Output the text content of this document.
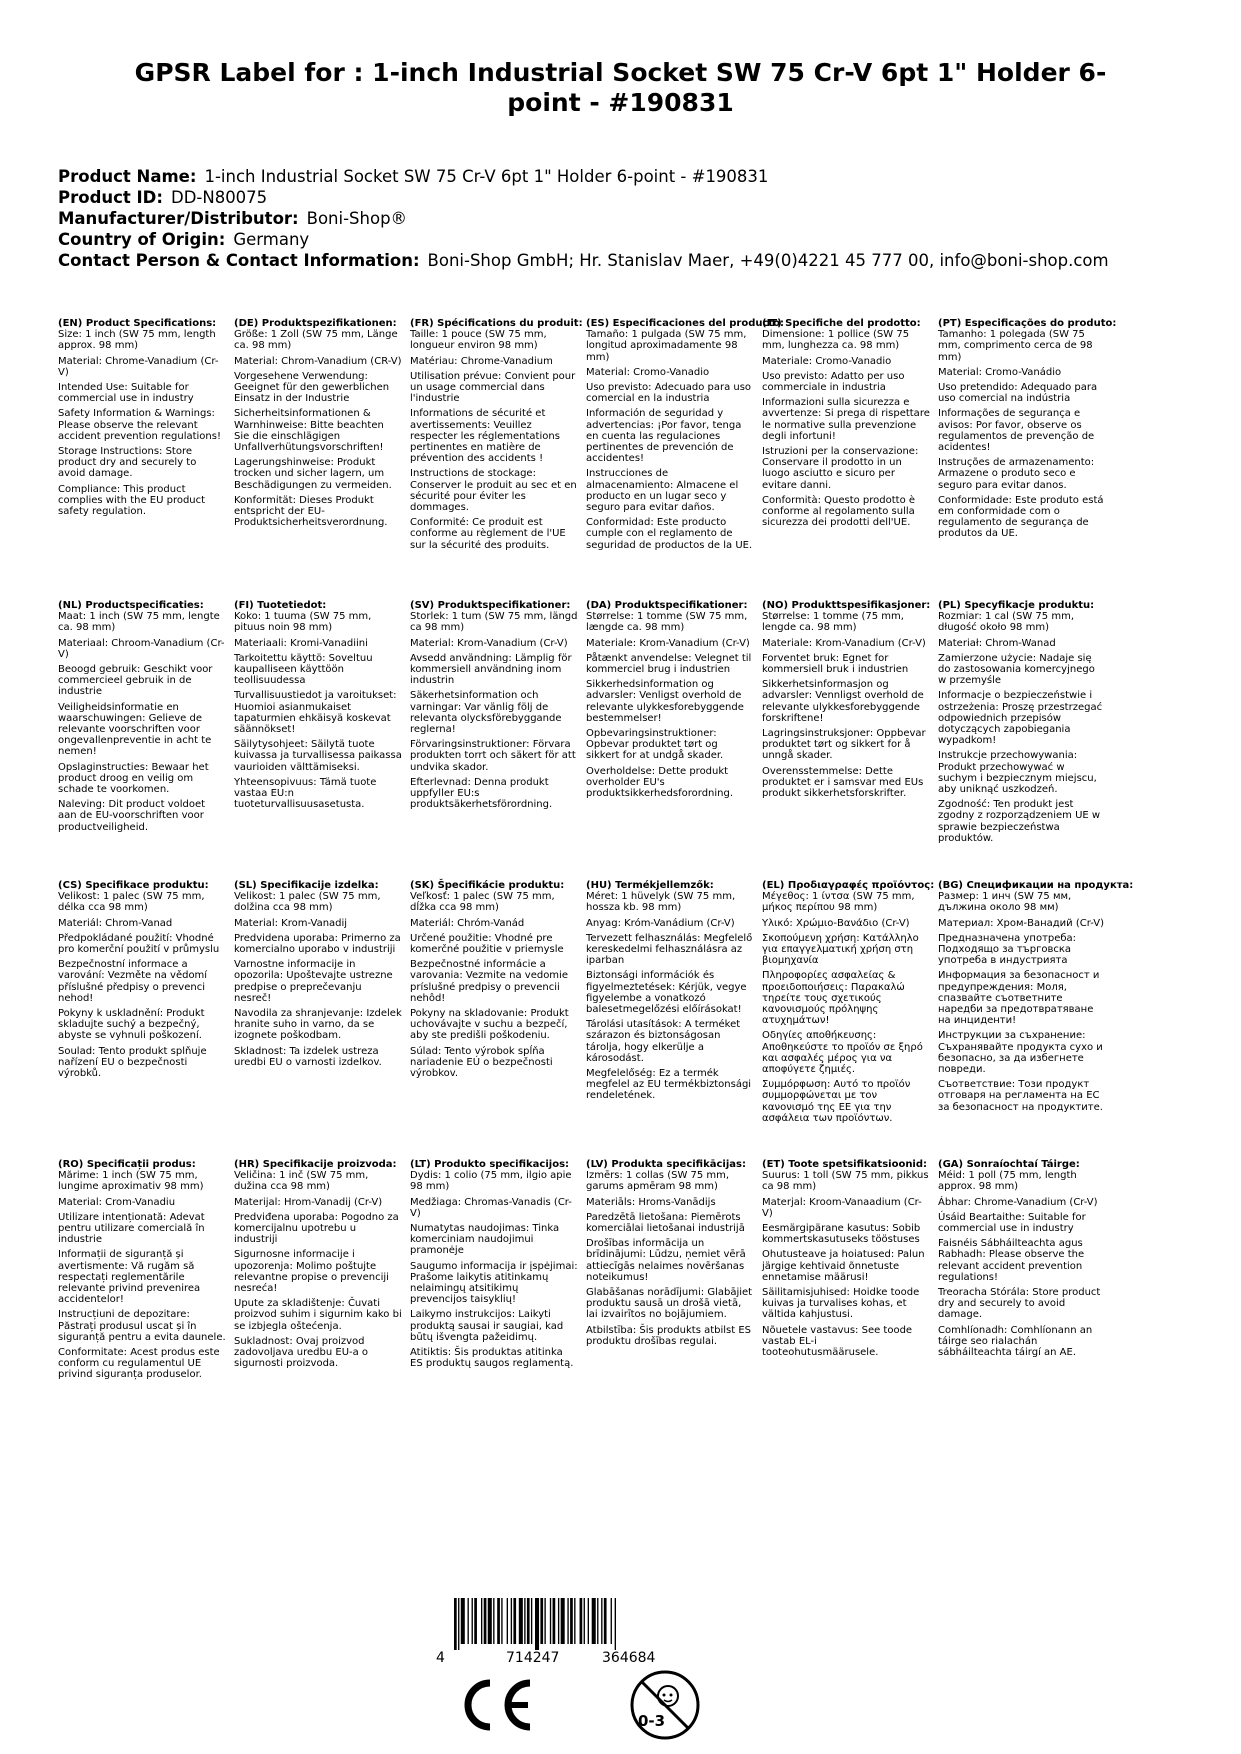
GPSR Label for : 1-inch Industrial Socket SW 75 Cr-V 6pt 1" Holder 6-point - #190831
Product Name: 1-inch Industrial Socket SW 75 Cr-V 6pt 1" Holder 6-point - #190831
Product ID: DD-N80075
Manufacturer/Distributor: Boni-Shop®
Country of Origin: Germany
Contact Person & Contact Information: Boni-Shop GmbH; Hr. Stanislav Maer, +49(0)4221 45 777 00, info@boni-shop.com
(EN) Product Specifications:
Size: 1 inch (SW 75 mm, length approx. 98 mm)
Material: Chrome-Vanadium (Cr-V)
Intended Use: Suitable for commercial use in industry
Safety Information & Warnings: Please observe the relevant accident prevention regulations!
Storage Instructions: Store product dry and securely to avoid damage.
Compliance: This product complies with the EU product safety regulation.
(DE) Produktspezifikationen:
Größe: 1 Zoll (SW 75 mm, Länge ca. 98 mm)
Material: Chrom-Vanadium (CR-V)
Vorgesehene Verwendung: Geeignet für den gewerblichen Einsatz in der Industrie
Sicherheitsinformationen & Warnhinweise: Bitte beachten Sie die einschlägigen Unfallverhütungsvorschriften!
Lagerungshinweise: Produkt trocken und sicher lagern, um Beschädigungen zu vermeiden.
Konformität: Dieses Produkt entspricht der EU-Produktsicherheitsverordnung.
(FR) Spécifications du produit:
Taille: 1 pouce (SW 75 mm, longueur environ 98 mm)
Matériau: Chrome-Vanadium
Utilisation prévue: Convient pour un usage commercial dans l'industrie
Informations de sécurité et avertissements: Veuillez respecter les réglementations pertinentes en matière de prévention des accidents !
Instructions de stockage: Conserver le produit au sec et en sécurité pour éviter les dommages.
Conformité: Ce produit est conforme au règlement de l'UE sur la sécurité des produits.
(ES) Especificaciones del producto:
Tamaño: 1 pulgada (SW 75 mm, longitud aproximadamente 98 mm)
Material: Cromo-Vanadio
Uso previsto: Adecuado para uso comercial en la industria
Información de seguridad y advertencias: ¡Por favor, tenga en cuenta las regulaciones pertinentes de prevención de accidentes!
Instrucciones de almacenamiento: Almacene el producto en un lugar seco y seguro para evitar daños.
Conformidad: Este producto cumple con el reglamento de seguridad de productos de la UE.
(IT) Specifiche del prodotto:
Dimensione: 1 pollice (SW 75 mm, lunghezza ca. 98 mm)
Materiale: Cromo-Vanadio
Uso previsto: Adatto per uso commerciale in industria
Informazioni sulla sicurezza e avvertenze: Si prega di rispettare le normative sulla prevenzione degli infortuni!
Istruzioni per la conservazione: Conservare il prodotto in un luogo asciutto e sicuro per evitare danni.
Conformità: Questo prodotto è conforme al regolamento sulla sicurezza dei prodotti dell'UE.
(PT) Especificações do produto:
Tamanho: 1 polegada (SW 75 mm, comprimento cerca de 98 mm)
Material: Cromo-Vanádio
Uso pretendido: Adequado para uso comercial na indústria
Informações de segurança e avisos: Por favor, observe os regulamentos de prevenção de acidentes!
Instruções de armazenamento: Armazene o produto seco e seguro para evitar danos.
Conformidade: Este produto está em conformidade com o regulamento de segurança de produtos da UE.
(NL) Productspecificaties:
Maat: 1 inch (SW 75 mm, lengte ca. 98 mm)
Materiaal: Chroom-Vanadium (Cr-V)
Beoogd gebruik: Geschikt voor commercieel gebruik in de industrie
Veiligheidsinformatie en waarschuwingen: Gelieve de relevante voorschriften voor ongevallenpreventie in acht te nemen!
Opslaginstructies: Bewaar het product droog en veilig om schade te voorkomen.
Naleving: Dit product voldoet aan de EU-voorschriften voor productveiligheid.
(FI) Tuotetiedot:
Koko: 1 tuuma (SW 75 mm, pituus noin 98 mm)
Materiaali: Kromi-Vanadiini
Tarkoitettu käyttö: Soveltuu kaupalliseen käyttöön teollisuudessa
Turvallisuustiedot ja varoitukset: Huomioi asianmukaiset tapaturmien ehkäisyä koskevat säännökset!
Säilytysohjeet: Säilytä tuote kuivassa ja turvallisessa paikassa vaurioiden välttämiseksi.
Yhteensopivuus: Tämä tuote vastaa EU:n tuoteturvallisuusasetusta.
(SV) Produktspecifikationer:
Storlek: 1 tum (SW 75 mm, längd ca 98 mm)
Material: Krom-Vanadium (Cr-V)
Avsedd användning: Lämplig för kommersiell användning inom industrin
Säkerhetsinformation och varningar: Var vänlig följ de relevanta olycksförebyggande reglerna!
Förvaringsinstruktioner: Förvara produkten torrt och säkert för att undvika skador.
Efterlevnad: Denna produkt uppfyller EU:s produktsäkerhetsförordning.
(DA) Produktspecifikationer:
Størrelse: 1 tomme (SW 75 mm, længde ca. 98 mm)
Materiale: Krom-Vanadium (Cr-V)
Påtænkt anvendelse: Velegnet til kommerciel brug i industrien
Sikkerhedsinformation og advarsler: Venligst overhold de relevante ulykkesforebyggende bestemmelser!
Opbevaringsinstruktioner: Opbevar produktet tørt og sikkert for at undgå skader.
Overholdelse: Dette produkt overholder EU's produktsikkerhedsforordning.
(NO) Produkttspesifikasjoner:
Størrelse: 1 tomme (75 mm, lengde ca. 98 mm)
Materiale: Krom-Vanadium (Cr-V)
Forventet bruk: Egnet for kommersiell bruk i industrien
Sikkerhetsinformasjon og advarsler: Vennligst overhold de relevante ulykkesforebyggende forskriftene!
Lagringsinstruksjoner: Oppbevar produktet tørt og sikkert for å unngå skader.
Overensstemmelse: Dette produktet er i samsvar med EUs produkt sikkerhetsforskrifter.
(PL) Specyfikacje produktu:
Rozmiar: 1 cal (SW 75 mm, długość około 98 mm)
Materiał: Chrom-Wanad
Zamierzone użycie: Nadaje się do zastosowania komercyjnego w przemyśle
Informacje o bezpieczeństwie i ostrzeżenia: Proszę przestrzegać odpowiednich przepisów dotyczących zapobiegania wypadkom!
Instrukcje przechowywania: Produkt przechowywać w suchym i bezpiecznym miejscu, aby uniknąć uszkodzeń.
Zgodność: Ten produkt jest zgodny z rozporządzeniem UE w sprawie bezpieczeństwa produktów.
(CS) Specifikace produktu:
Velikost: 1 palec (SW 75 mm, délka cca 98 mm)
Materiál: Chrom-Vanad
Předpokládané použití: Vhodné pro komerční použití v průmyslu
Bezpečnostní informace a varování: Vezměte na vědomí příslušné předpisy o prevenci nehod!
Pokyny k uskladnění: Produkt skladujte suchý a bezpečný, abyste se vyhnuli poškození.
Soulad: Tento produkt splňuje nařízení EU o bezpečnosti výrobků.
(SL) Specifikacije izdelka:
Velikost: 1 palec (SW 75 mm, dolžina cca 98 mm)
Material: Krom-Vanadij
Predvidena uporaba: Primerno za komercialno uporabo v industriji
Varnostne informacije in opozorila: Upoštevajte ustrezne predpise o preprečevanju nesreč!
Navodila za shranjevanje: Izdelek hranite suho in varno, da se izognete poškodbam.
Skladnost: Ta izdelek ustreza uredbi EU o varnosti izdelkov.
(SK) Špecifikácie produktu:
Veľkosť: 1 palec (SW 75 mm, dĺžka cca 98 mm)
Materiál: Chróm-Vanád
Určené použitie: Vhodné pre komerčné použitie v priemysle
Bezpečnostné informácie a varovania: Vezmite na vedomie príslušné predpisy o prevencii nehôd!
Pokyny na skladovanie: Produkt uchovávajte v suchu a bezpečí, aby ste predišli poškodeniu.
Súlad: Tento výrobok spĺňa nariadenie EÚ o bezpečnosti výrobkov.
(HU) Termékjellemzők:
Méret: 1 hüvelyk (SW 75 mm, hossza kb. 98 mm)
Anyag: Króm-Vanádium (Cr-V)
Tervezett felhasználás: Megfelelő kereskedelmi felhasználásra az iparban
Biztonsági információk és figyelmeztetések: Kérjük, vegye figyelembe a vonatkozó balesetmegelőzési előírásokat!
Tárolási utasítások: A terméket szárazon és biztonságosan tárolja, hogy elkerülje a károsodást.
Megfelelőség: Ez a termék megfelel az EU termékbiztonsági rendeletének.
(EL) Προδιαγραφές προϊόντος:
Μέγεθος: 1 ίντσα (SW 75 mm, μήκος περίπου 98 mm)
Υλικό: Χρώμιο-Βανάδιο (Cr-V)
Σκοπούμενη χρήση: Κατάλληλο για επαγγελματική χρήση στη βιομηχανία
Πληροφορίες ασφαλείας & προειδοποιήσεις: Παρακαλώ τηρείτε τους σχετικούς κανονισμούς πρόληψης ατυχημάτων!
Οδηγίες αποθήκευσης: Αποθηκεύστε το προϊόν σε ξηρό και ασφαλές μέρος για να αποφύγετε ζημιές.
Συμμόρφωση: Αυτό το προϊόν συμμορφώνεται με τον κανονισμό της ΕΕ για την ασφάλεια των προϊόντων.
(BG) Спецификации на продукта:
Размер: 1 инч (SW 75 мм, дължина около 98 мм)
Материал: Хром-Ванадий (Cr-V)
Предназначена употреба: Подходящо за търговска употреба в индустрията
Информация за безопасност и предупреждения: Моля, спазвайте съответните наредби за предотвратяване на инциденти!
Инструкции за съхранение: Съхранявайте продукта сухо и безопасно, за да избегнете повреди.
Съответствие: Този продукт отговаря на регламента на ЕС за безопасност на продуктите.
(RO) Specificații produs:
Mărime: 1 inch (SW 75 mm, lungime aproximativ 98 mm)
Material: Crom-Vanadiu
Utilizare intenționată: Adevat pentru utilizare comercială în industrie
Informații de siguranță și avertismente: Vă rugăm să respectați reglementările relevante privind prevenirea accidentelor!
Instrucțiuni de depozitare: Păstrați produsul uscat și în siguranță pentru a evita daunele.
Conformitate: Acest produs este conform cu regulamentul UE privind siguranța produselor.
(HR) Specifikacije proizvoda:
Veličina: 1 inč (SW 75 mm, dužina cca 98 mm)
Materijal: Hrom-Vanadij (Cr-V)
Predviđena uporaba: Pogodno za komercijalnu upotrebu u industriji
Sigurnosne informacije i upozorenja: Molimo poštujte relevantne propise o prevenciji nesreća!
Upute za skladištenje: Čuvati proizvod suhim i sigurnim kako bi se izbjegla oštećenja.
Sukladnost: Ovaj proizvod zadovoljava uredbu EU-a o sigurnosti proizvoda.
(LT) Produkto specifikacijos:
Dydis: 1 colio (75 mm, ilgio apie 98 mm)
Medžiaga: Chromas-Vanadis (Cr-V)
Numatytas naudojimas: Tinka komerciniam naudojimui pramonėje
Saugumo informacija ir įspėjimai: Prašome laikytis atitinkamų nelaimingų atsitikimų prevencijos taisyklių!
Laikymo instrukcijos: Laikyti produktą sausai ir saugiai, kad būtų išvengta pažeidimų.
Atitiktis: Šis produktas atitinka ES produktų saugos reglamentą.
(LV) Produkta specifikācijas:
Izmērs: 1 collas (SW 75 mm, garums apmēram 98 mm)
Materiāls: Hroms-Vanādijs
Paredzētā lietošana: Piemērots komerciālai lietošanai industrijā
Drošības informācija un brīdinājumi: Lūdzu, ņemiet vērā attiecīgās nelaimes novēršanas noteikumus!
Glabāšanas norādījumi: Glabājiet produktu sausā un drošā vietā, lai izvairītos no bojājumiem.
Atbilstība: Šis produkts atbilst ES produktu drošības regulai.
(ET) Toote spetsifikatsioonid:
Suurus: 1 toll (SW 75 mm, pikkus ca 98 mm)
Materjal: Kroom-Vanaadium (Cr-V)
Eesmärgipärane kasutus: Sobib kommertskasutuseks tööstuses
Ohutusteave ja hoiatused: Palun järgige kehtivaid õnnetuste ennetamise määrusi!
Säilitamisjuhised: Hoidke toode kuivas ja turvalises kohas, et vältida kahjustusi.
Nõuetele vastavus: See toode vastab EL-i tooteohutusmäärusele.
(GA) Sonraíochtaí Táirge:
Méid: 1 poll (75 mm, length approx. 98 mm)
Ábhar: Chrome-Vanadium (Cr-V)
Úsáid Beartaithe: Suitable for commercial use in industry
Faisnéis Sábháilteachta agus Rabhadh: Please observe the relevant accident prevention regulations!
Treoracha Stórála: Store product dry and securely to avoid damage.
Comhlíonadh: Comhlíonann an táirge seo rialachán sábháilteachta táirgí an AE.
4	714247	364684
0-3
